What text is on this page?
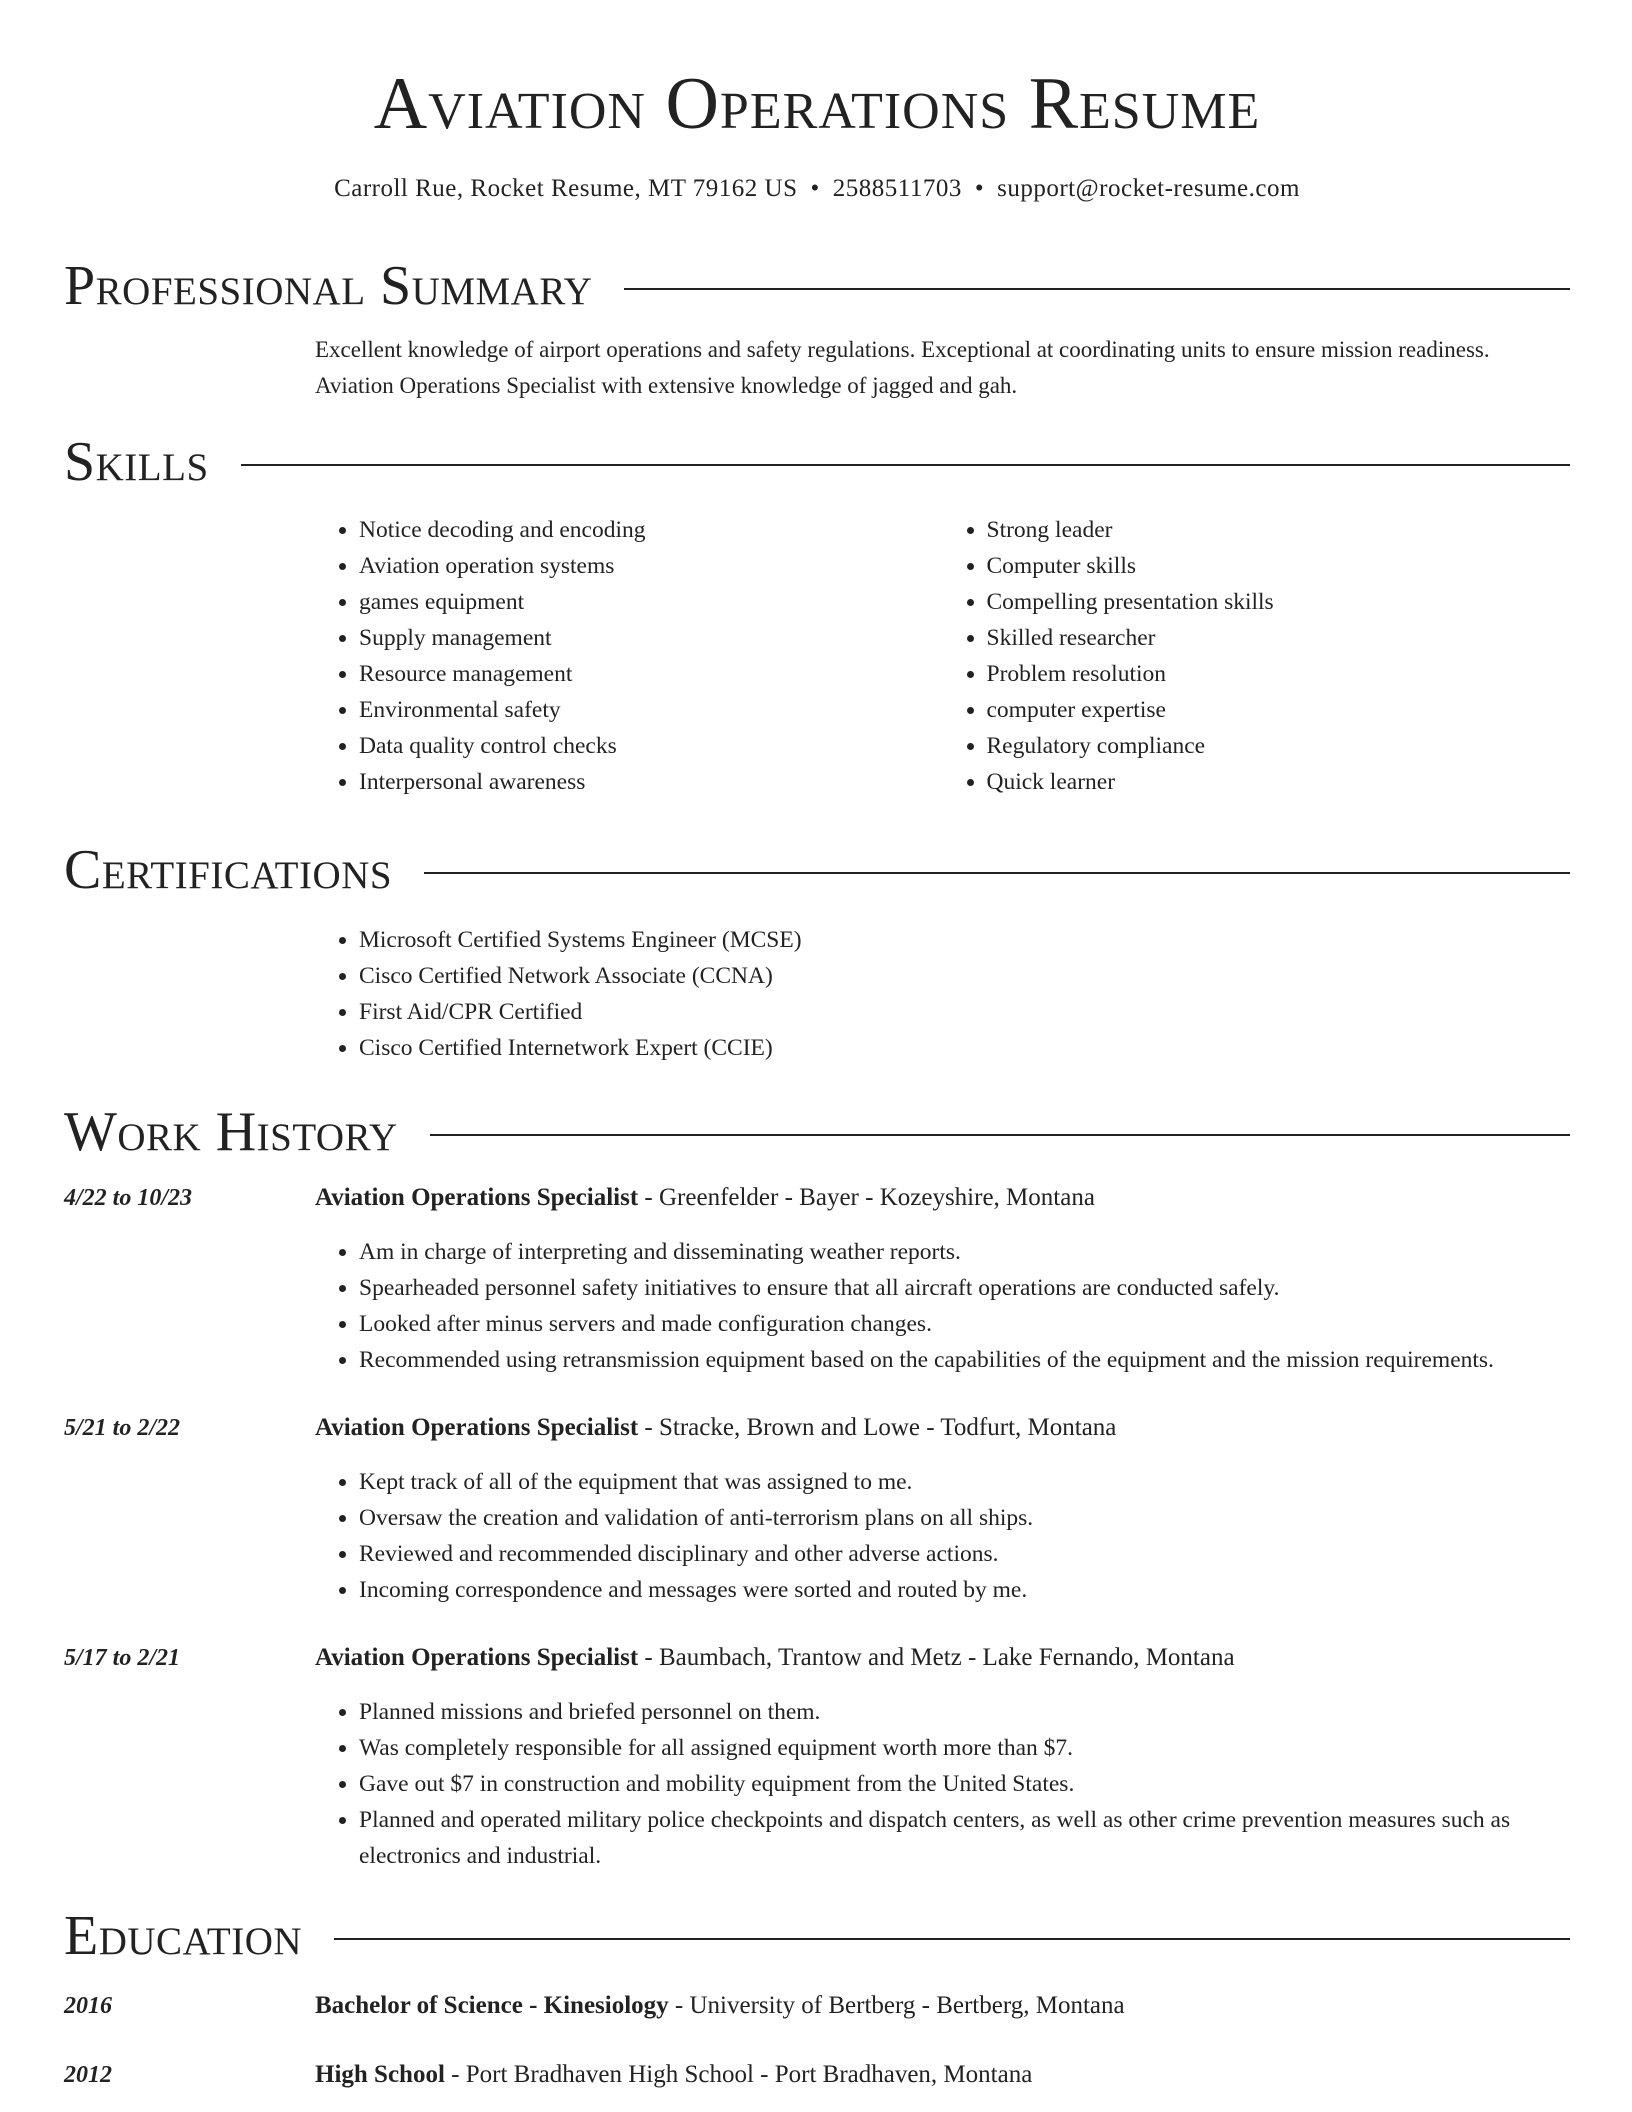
Aviation Operations Resume
Carroll Rue, Rocket Resume, MT 79162 US • 2588511703 • support@rocket-resume.com
Professional Summary

Excellent knowledge of airport operations and safety regulations. Exceptional at coordinating units to ensure mission readiness. Aviation Operations Specialist with extensive knowledge of jagged and gah.

Skills
• Notice decoding and encoding
• Aviation operation systems
• games equipment
• Supply management
• Resource management
• Environmental safety
• Data quality control checks
• Interpersonal awareness
• Strong leader
• Computer skills
• Compelling presentation skills
• Skilled researcher
• Problem resolution
• computer expertise
• Regulatory compliance
• Quick learner
Certifications
• Microsoft Certified Systems Engineer (MCSE)
• Cisco Certified Network Associate (CCNA)
• First Aid/CPR Certified
• Cisco Certified Internetwork Expert (CCIE)
Work History
4/22 to 10/23	Aviation Operations Specialist - Greenfelder - Bayer - Kozeyshire, Montana
• Am in charge of interpreting and disseminating weather reports.
• Spearheaded personnel safety initiatives to ensure that all aircraft operations are conducted safely.
• Looked after minus servers and made configuration changes.
• Recommended using retransmission equipment based on the capabilities of the equipment and the mission requirements.
5/21 to 2/22	Aviation Operations Specialist - Stracke, Brown and Lowe - Todfurt, Montana
• Kept track of all of the equipment that was assigned to me.
• Oversaw the creation and validation of anti-terrorism plans on all ships.
• Reviewed and recommended disciplinary and other adverse actions.
• Incoming correspondence and messages were sorted and routed by me.
5/17 to 2/21	Aviation Operations Specialist - Baumbach, Trantow and Metz - Lake Fernando, Montana
• Planned missions and briefed personnel on them.
• Was completely responsible for all assigned equipment worth more than $7.
• Gave out $7 in construction and mobility equipment from the United States.
• Planned and operated military police checkpoints and dispatch centers, as well as other crime prevention measures such as electronics and industrial.
Education
2016	Bachelor of Science - Kinesiology - University of Bertberg - Bertberg, Montana
2012	High School - Port Bradhaven High School - Port Bradhaven, Montana
